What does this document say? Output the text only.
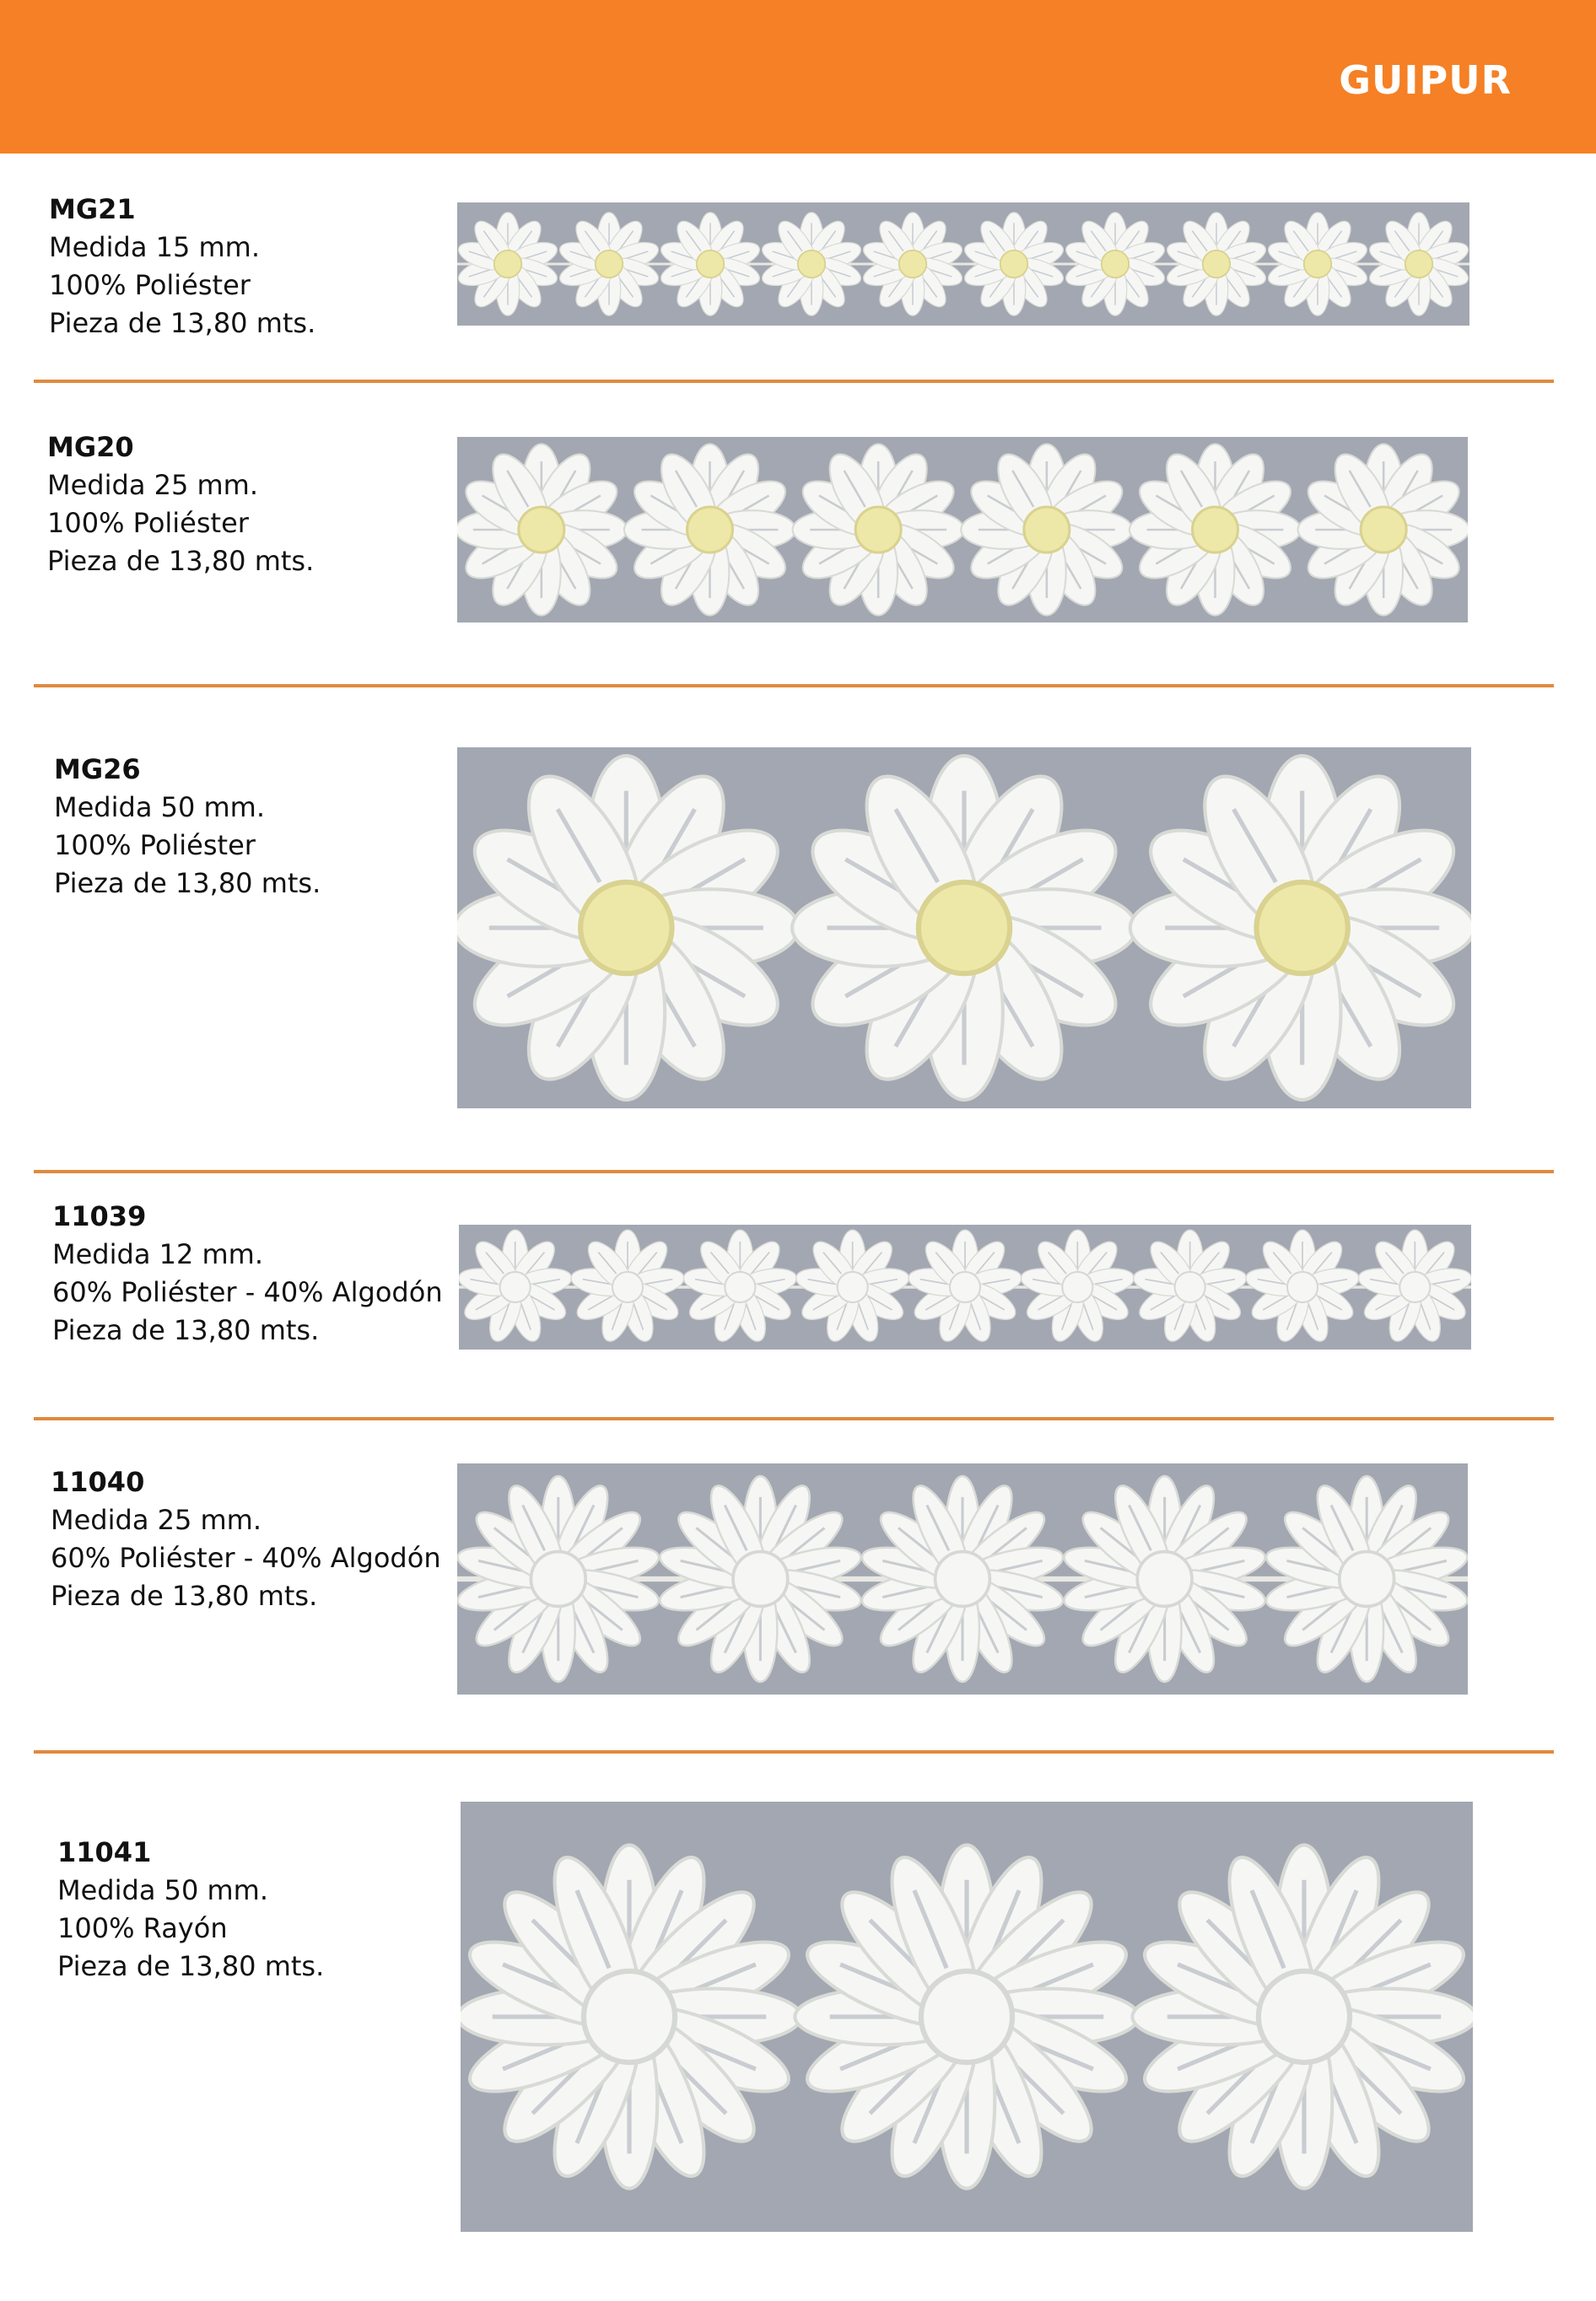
GUIPUR
MG21
Medida 15 mm.
100% Poliéster
Pieza de 13,80 mts.
MG20
Medida 25 mm.
100% Poliéster
Pieza de 13,80 mts.
MG26
Medida 50 mm.
100% Poliéster
Pieza de 13,80 mts.
11039
Medida 12 mm.
60% Poliéster - 40% Algodón
Pieza de 13,80 mts.
11040
Medida 25 mm.
60% Poliéster - 40% Algodón
Pieza de 13,80 mts.
11041
Medida 50 mm.
100% Rayón
Pieza de 13,80 mts.
